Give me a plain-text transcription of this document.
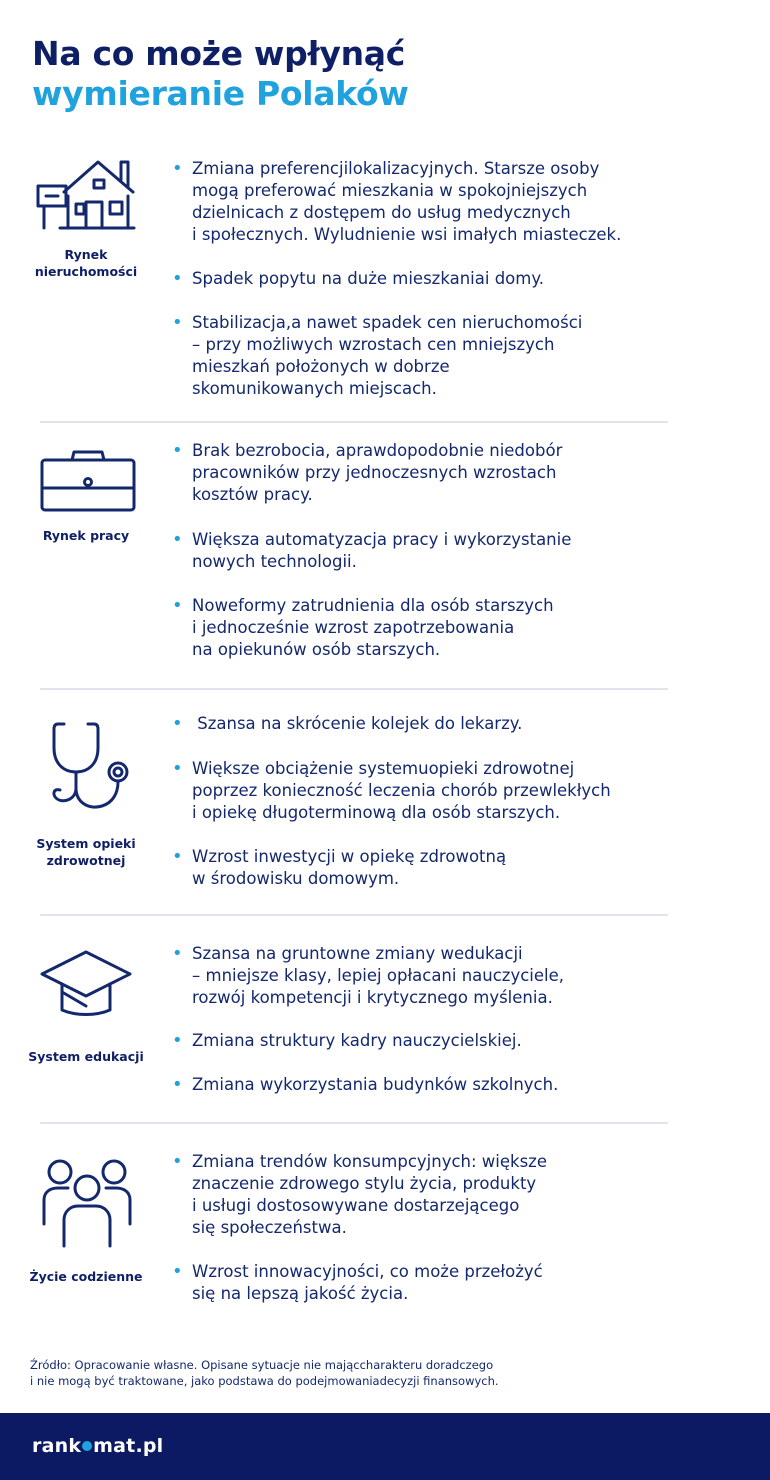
Na co może wpłynąć
wymieranie Polaków
Rynek
nieruchomości
• Zmiana preferencjilokalizacyjnych. Starsze osoby
mogą preferować mieszkania w spokojniejszych
dzielnicach z dostępem do usług medycznych
i społecznych. Wyludnienie wsi imałych miasteczek.
• Spadek popytu na duże mieszkaniai domy.
• Stabilizacja,a nawet spadek cen nieruchomości
– przy możliwych wzrostach cen mniejszych
mieszkań położonych w dobrze
skomunikowanych miejscach.
Rynek pracy
• Brak bezrobocia, aprawdopodobnie niedobór
pracowników przy jednoczesnych wzrostach
kosztów pracy.
• Większa automatyzacja pracy i wykorzystanie
nowych technologii.
• Noweformy zatrudnienia dla osób starszych
i jednocześnie wzrost zapotrzebowania
na opiekunów osób starszych.
System opieki
zdrowotnej
• Szansa na skrócenie kolejek do lekarzy.
• Większe obciążenie systemuopieki zdrowotnej
poprzez konieczność leczenia chorób przewlekłych
i opiekę długoterminową dla osób starszych.
• Wzrost inwestycji w opiekę zdrowotną
w środowisku domowym.
System edukacji
• Szansa na gruntowne zmiany wedukacji
– mniejsze klasy, lepiej opłacani nauczyciele,
rozwój kompetencji i krytycznego myślenia.
• Zmiana struktury kadry nauczycielskiej.
• Zmiana wykorzystania budynków szkolnych.
Życie codzienne
• Zmiana trendów konsumpcyjnych: większe
znaczenie zdrowego stylu życia, produkty
i usługi dostosowywane dostarzejącego
się społeczeństwa.
• Wzrost innowacyjności, co może przełożyć
się na lepszą jakość życia.
Źródło: Opracowanie własne. Opisane sytuacje nie mająccharakteru doradczego
i nie mogą być traktowane, jako podstawa do podejmowaniadecyzji finansowych.
rank mat.pl
